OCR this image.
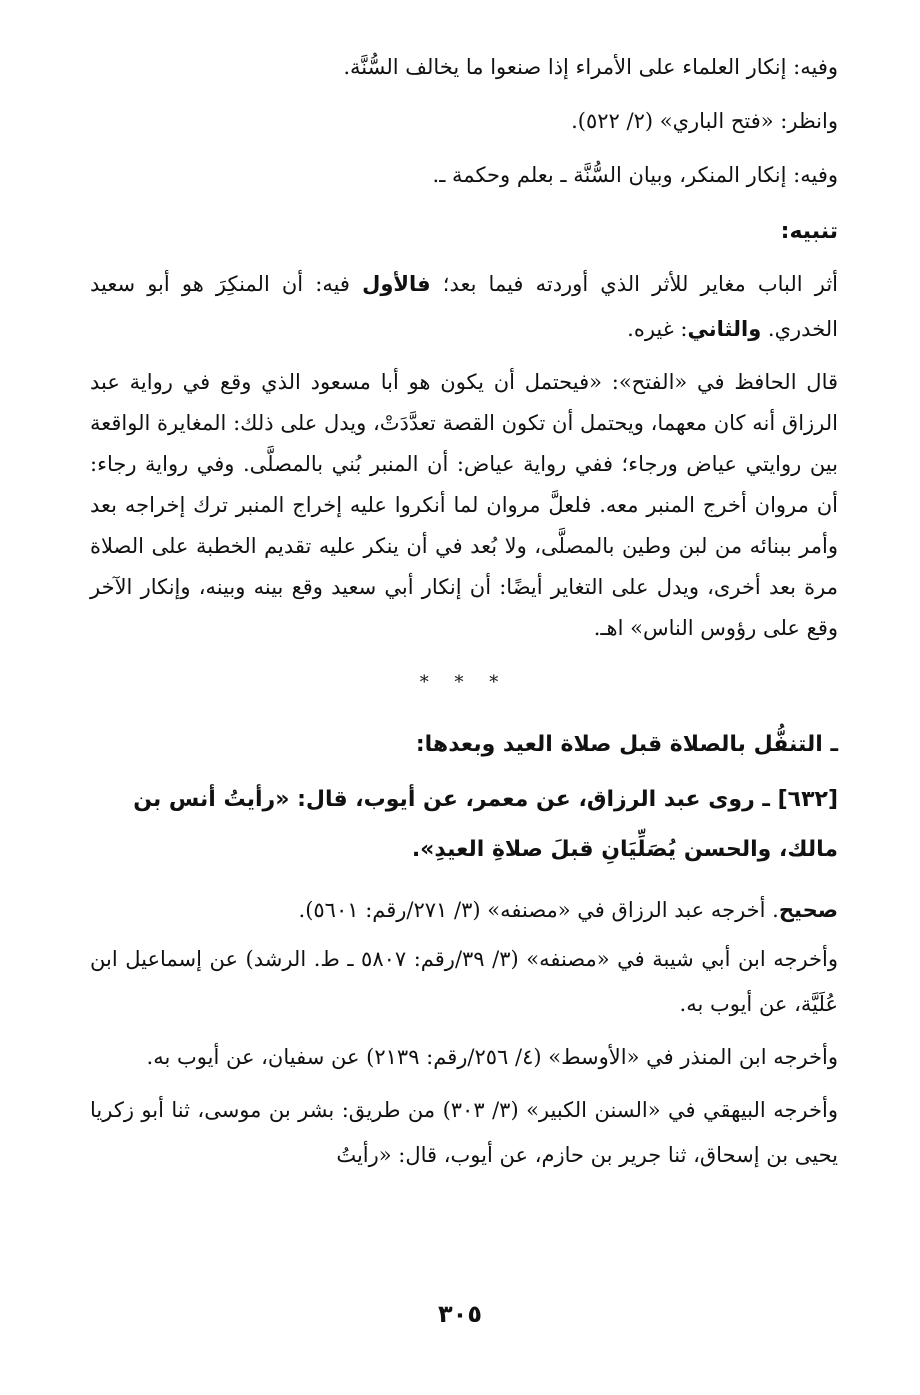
وفيه: إنكار العلماء على الأمراء إذا صنعوا ما يخالف السُّنَّة.

وانظر: «فتح الباري» (٢/ ٥٢٢).

وفيه: إنكار المنكر، وبيان السُّنَّة ـ بعلم وحكمة ـ.

تنبيه:

أثر الباب مغاير للأثر الذي أوردته فيما بعد؛ فالأول فيه: أن المنكِرَ هو أبو سعيد الخدري. والثاني: غيره.

قال الحافظ في «الفتح»: «فيحتمل أن يكون هو أبا مسعود الذي وقع في رواية عبد الرزاق أنه كان معهما، ويحتمل أن تكون القصة تعدَّدَتْ، ويدل على ذلك: المغايرة الواقعة بين روايتي عياض ورجاء؛ ففي رواية عياض: أن المنبر بُني بالمصلَّى. وفي رواية رجاء: أن مروان أخرج المنبر معه. فلعلَّ مروان لما أنكروا عليه إخراج المنبر ترك إخراجه بعد وأمر ببنائه من لبن وطين بالمصلَّى، ولا بُعد في أن ينكر عليه تقديم الخطبة على الصلاة مرة بعد أخرى، ويدل على التغاير أيضًا: أن إنكار أبي سعيد وقع بينه وبينه، وإنكار الآخر وقع على رؤوس الناس» اهـ.

* * *

ـ التنفُّل بالصلاة قبل صلاة العيد وبعدها:

[٦٣٢] ـ روى عبد الرزاق، عن معمر، عن أيوب، قال: «رأيتُ أنس بن مالك، والحسن يُصَلِّيَانِ قبلَ صلاةِ العيدِ».

صحيح. أخرجه عبد الرزاق في «مصنفه» (٣/ ٢٧١/رقم: ٥٦٠١).

وأخرجه ابن أبي شيبة في «مصنفه» (٣/ ٣٩/رقم: ٥٨٠٧ ـ ط. الرشد) عن إسماعيل ابن عُلَيَّة، عن أيوب به.

وأخرجه ابن المنذر في «الأوسط» (٤/ ٢٥٦/رقم: ٢١٣٩) عن سفيان، عن أيوب به.

وأخرجه البيهقي في «السنن الكبير» (٣/ ٣٠٣) من طريق: بشر بن موسى، ثنا أبو زكريا يحيى بن إسحاق، ثنا جرير بن حازم، عن أيوب، قال: «رأيتُ

٣٠٥
